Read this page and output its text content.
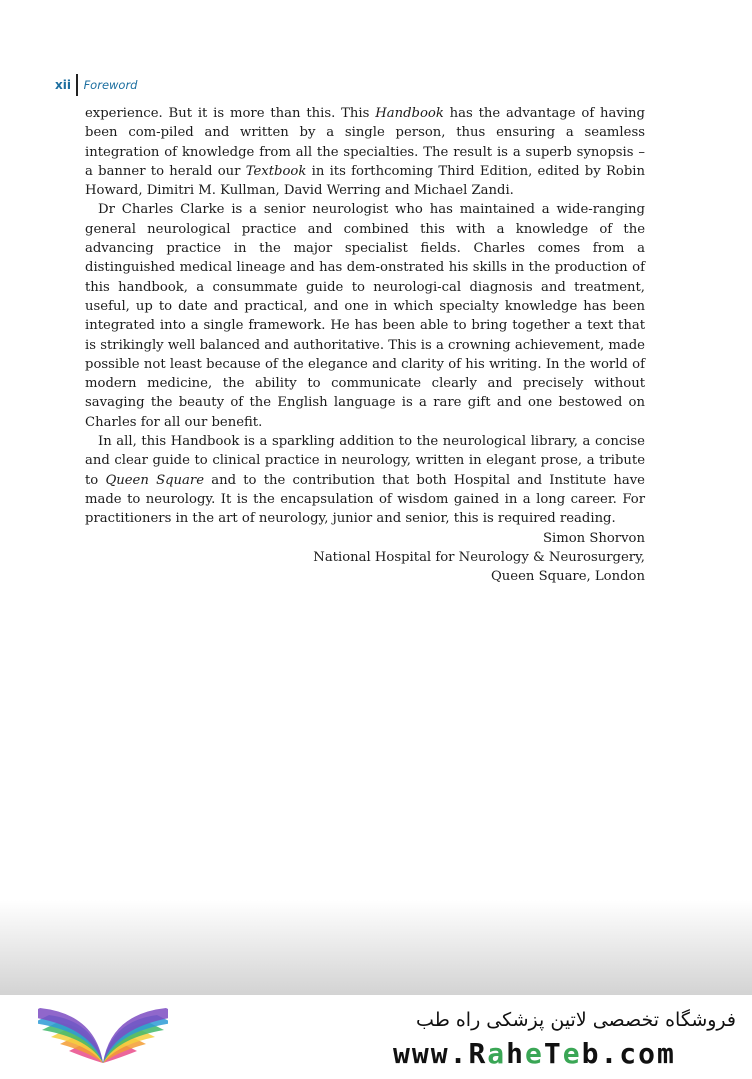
xii	Foreword

experience. But it is more than this. This Handbook has the advantage of having been com-piled and written by a single person, thus ensuring a seamless integration of knowledge from all the specialties. The result is a superb synopsis – a banner to herald our Textbook in its forthcoming Third Edition, edited by Robin Howard, Dimitri M. Kullman, David Werring and Michael Zandi.

Dr Charles Clarke is a senior neurologist who has maintained a wide-ranging general neurological practice and combined this with a knowledge of the advancing practice in the major specialist fields. Charles comes from a distinguished medical lineage and has dem-onstrated his skills in the production of this handbook, a consummate guide to neurologi-cal diagnosis and treatment, useful, up to date and practical, and one in which specialty knowledge has been integrated into a single framework. He has been able to bring together a text that is strikingly well balanced and authoritative. This is a crowning achievement, made possible not least because of the elegance and clarity of his writing. In the world of modern medicine, the ability to communicate clearly and precisely without savaging the beauty of the English language is a rare gift and one bestowed on Charles for all our benefit.

In all, this Handbook is a sparkling addition to the neurological library, a concise and clear guide to clinical practice in neurology, written in elegant prose, a tribute to Queen Square and to the contribution that both Hospital and Institute have made to neurology. It is the encapsulation of wisdom gained in a long career. For practitioners in the art of neurology, junior and senior, this is required reading.

Simon Shorvon
National Hospital for Neurology & Neurosurgery,
Queen Square, London
فروشگاه تخصصی لاتین پزشکی راه طب
www.RaheTeb.com
